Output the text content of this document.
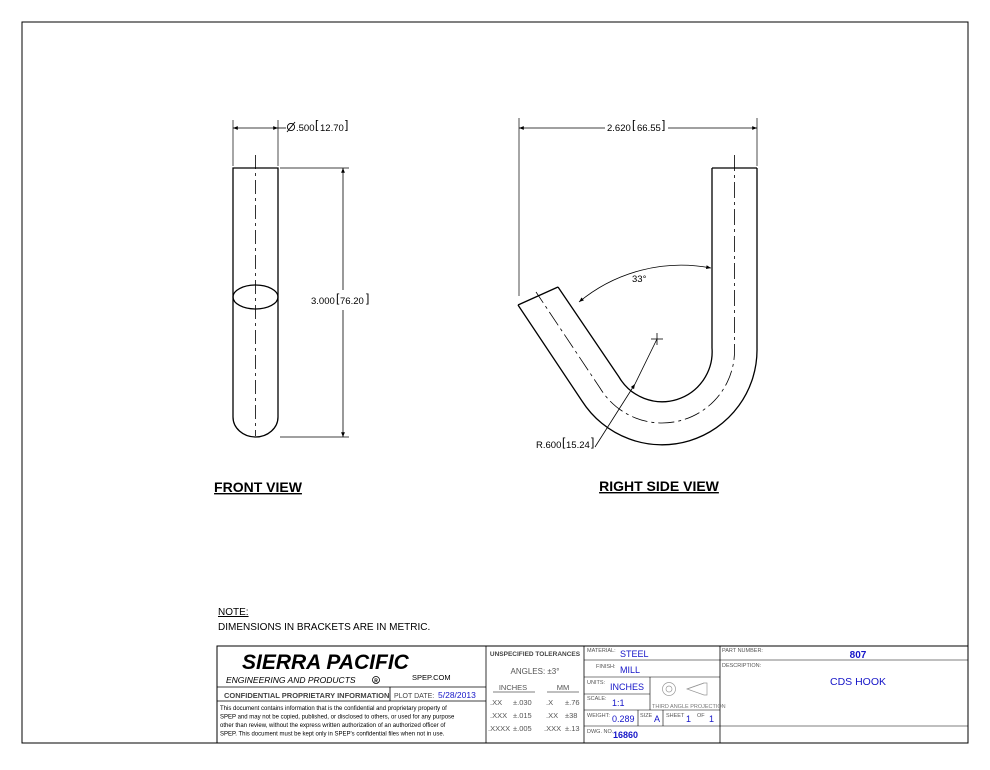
.500 [ 12.70 ]
3.000 [ 76.20 ]
FRONT VIEW
2.620 [ 66.55 ]
33°
R.600 [ 15.24 ]
RIGHT SIDE VIEW
NOTE:
DIMENSIONS IN BRACKETS ARE IN METRIC.
SIERRA PACIFIC
ENGINEERING AND PRODUCTS	R	SPEP.COM
CONFIDENTIAL PROPRIETARY INFORMATION PLOT DATE: 5/28/2013
This document contains information that is the confidential and proprietary property of
SPEP and may not be copied, published, or disclosed to others, or used for any purpose
other than review, without the express written authorization of an authorized officer of
SPEP. This document must be kept only in SPEP's confidential files when not in use.
UNSPECIFIED TOLERANCES
ANGLES: ±3°
INCHES	MM
.XX ±.030 .X ±.76
.XXX ±.015 .XX ±38
.XXXX ±.005 .XXX ±.13
MATERIAL: STEEL
FINISH: MILL
UNITS: INCHES
SCALE: 1:1	THIRD ANGLE PROJECTION
WEIGHT: 0.289 SIZE A SHEET 1 OF 1
DWG. NO. 16860
PART NUMBER:	807
DESCRIPTION:
CDS HOOK
